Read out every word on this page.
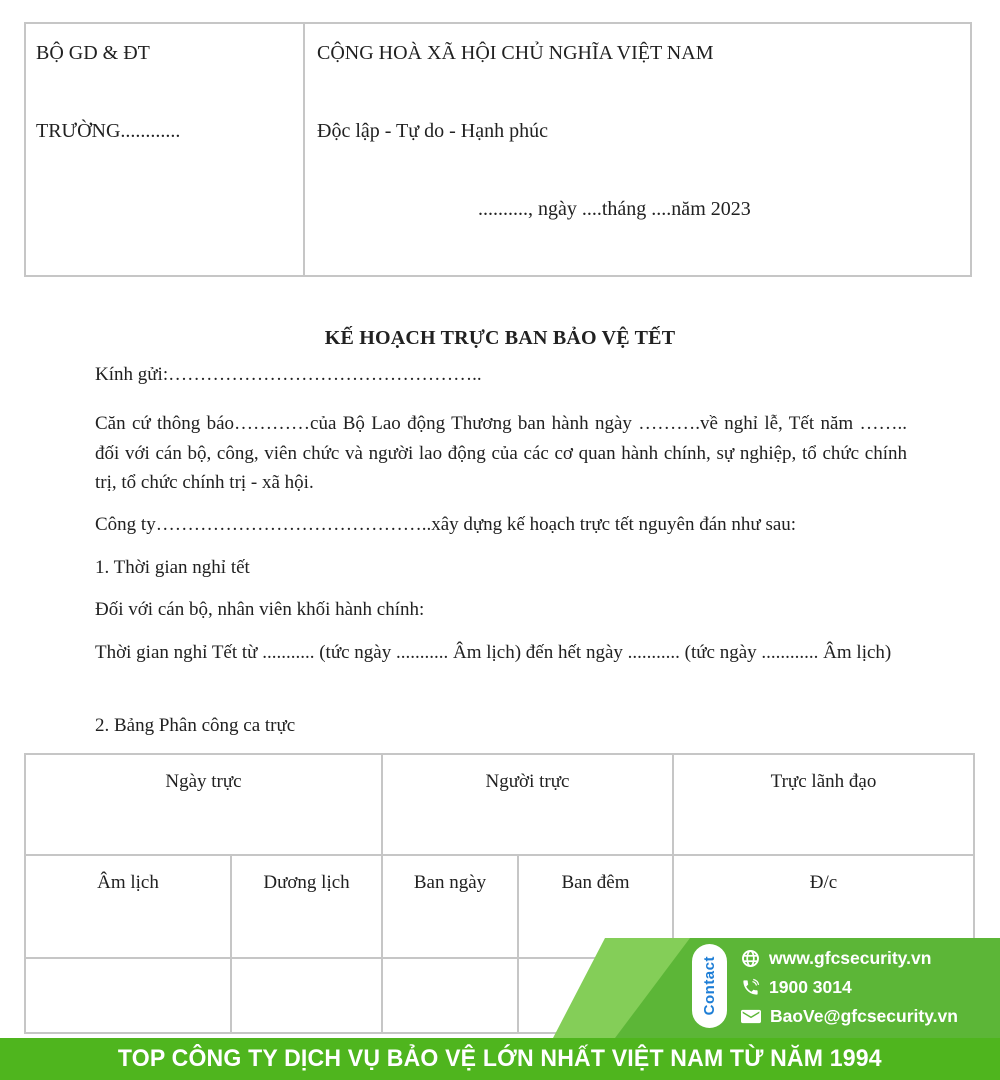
BỘ GD & ĐT
TRƯỜNG............
CỘNG HOÀ XÃ HỘI CHỦ NGHĨA VIỆT NAM
Độc lập - Tự do - Hạnh phúc
.........., ngày ....tháng ....năm 2023
KẾ HOẠCH TRỰC BAN BẢO VỆ TẾT
Kính gửi:…………………………………………..
Căn cứ thông báo…………của Bộ Lao động Thương ban hành ngày ……….về nghỉ lễ, Tết năm …….. đối với cán bộ, công, viên chức và người lao động của các cơ quan hành chính, sự nghiệp, tổ chức chính trị, tổ chức chính trị - xã hội.
Công ty……………………………………..xây dựng kế hoạch trực tết nguyên đán như sau:
1. Thời gian nghỉ tết
Đối với cán bộ, nhân viên khối hành chính:
Thời gian nghỉ Tết từ ........... (tức ngày ........... Âm lịch) đến hết ngày ........... (tức ngày ............ Âm lịch)
2. Bảng Phân công ca trực
Ngày trực		Người trực		Trực lãnh đạo
Âm lịch	Dương lịch	Ban ngày	Ban đêm	Đ/c

Contact	www.gfcsecurity.vn
1900 3014
BaoVe@gfcsecurity.vn
TOP CÔNG TY DỊCH VỤ BẢO VỆ LỚN NHẤT VIỆT NAM TỪ NĂM 1994
